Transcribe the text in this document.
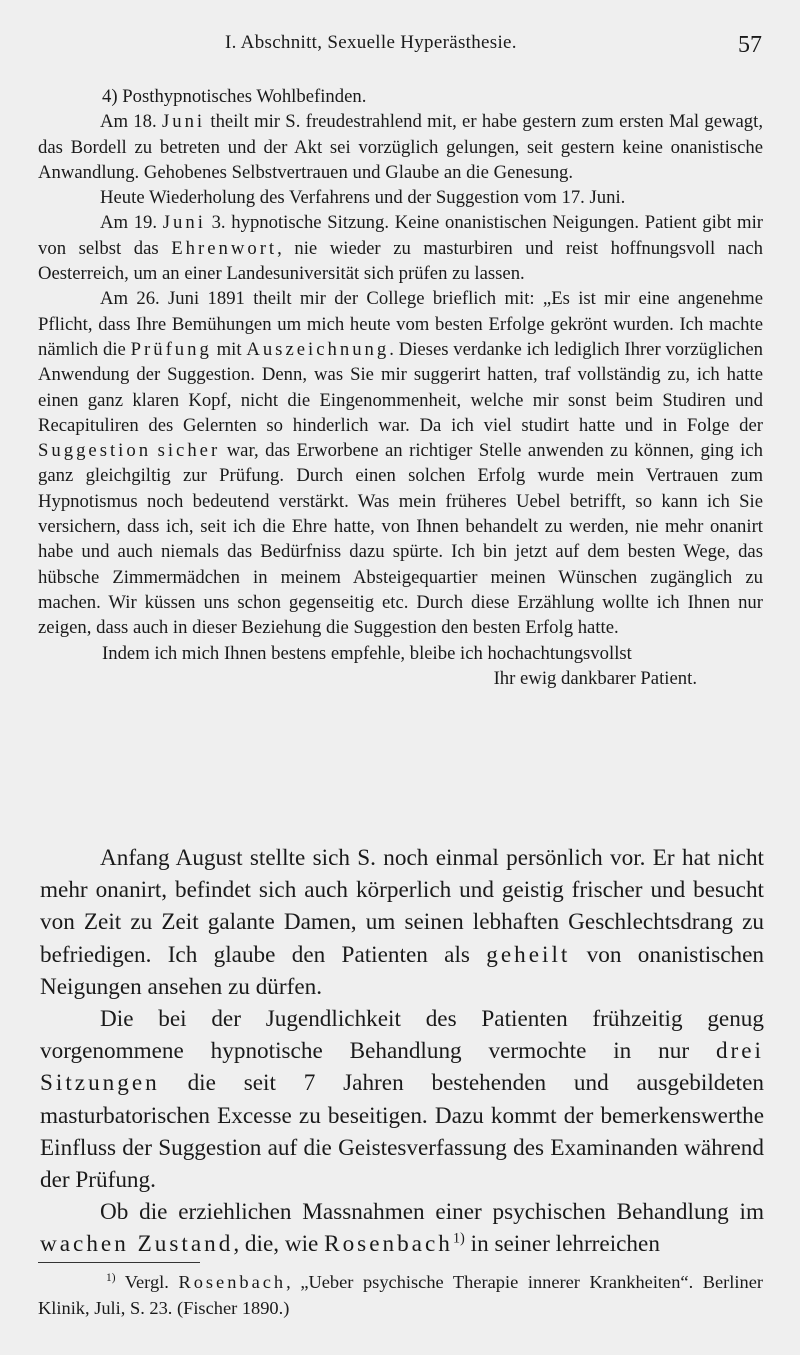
I. Abschnitt, Sexuelle Hyperästhesie.	57

4) Posthypnotisches Wohlbefinden.

Am 18. Juni theilt mir S. freudestrahlend mit, er habe gestern zum ersten Mal gewagt, das Bordell zu betreten und der Akt sei vorzüglich gelungen, seit gestern keine onanistische Anwandlung. Gehobenes Selbstvertrauen und Glaube an die Genesung.

Heute Wiederholung des Verfahrens und der Suggestion vom 17. Juni.

Am 19. Juni 3. hypnotische Sitzung. Keine onanistischen Neigungen. Patient gibt mir von selbst das Ehrenwort, nie wieder zu masturbiren und reist hoffnungsvoll nach Oesterreich, um an einer Landesuniversität sich prüfen zu lassen.

Am 26. Juni 1891 theilt mir der College brieflich mit: „Es ist mir eine angenehme Pflicht, dass Ihre Bemühungen um mich heute vom besten Erfolge gekrönt wurden. Ich machte nämlich die Prüfung mit Auszeichnung. Dieses verdanke ich lediglich Ihrer vorzüglichen Anwendung der Suggestion. Denn, was Sie mir suggerirt hatten, traf vollständig zu, ich hatte einen ganz klaren Kopf, nicht die Eingenommenheit, welche mir sonst beim Studiren und Recapituliren des Gelernten so hinderlich war. Da ich viel studirt hatte und in Folge der Suggestion sicher war, das Erworbene an richtiger Stelle anwenden zu können, ging ich ganz gleichgiltig zur Prüfung. Durch einen solchen Erfolg wurde mein Vertrauen zum Hypnotismus noch bedeutend verstärkt. Was mein früheres Uebel betrifft, so kann ich Sie versichern, dass ich, seit ich die Ehre hatte, von Ihnen behandelt zu werden, nie mehr onanirt habe und auch niemals das Bedürfniss dazu spürte. Ich bin jetzt auf dem besten Wege, das hübsche Zimmermädchen in meinem Absteigequartier meinen Wünschen zugänglich zu machen. Wir küssen uns schon gegenseitig etc. Durch diese Erzählung wollte ich Ihnen nur zeigen, dass auch in dieser Beziehung die Suggestion den besten Erfolg hatte.

Indem ich mich Ihnen bestens empfehle, bleibe ich hochachtungsvollst

Ihr ewig dankbarer Patient.

Anfang August stellte sich S. noch einmal persönlich vor. Er hat nicht mehr onanirt, befindet sich auch körperlich und geistig frischer und besucht von Zeit zu Zeit galante Damen, um seinen lebhaften Geschlechtsdrang zu befriedigen. Ich glaube den Patienten als geheilt von onanistischen Neigungen ansehen zu dürfen.

Die bei der Jugendlichkeit des Patienten frühzeitig genug vorgenommene hypnotische Behandlung vermochte in nur drei Sitzungen die seit 7 Jahren bestehenden und ausgebildeten masturbatorischen Excesse zu beseitigen. Dazu kommt der bemerkenswerthe Einfluss der Suggestion auf die Geistesverfassung des Examinanden während der Prüfung.

Ob die erziehlichen Massnahmen einer psychischen Behandlung im wachen Zustand, die, wie Rosenbach$^{1)}$ in seiner lehrreichen

$^{1)}$ Vergl. Rosenbach, „Ueber psychische Therapie innerer Krankheiten“. Berliner Klinik, Juli, S. 23. (Fischer 1890.)
